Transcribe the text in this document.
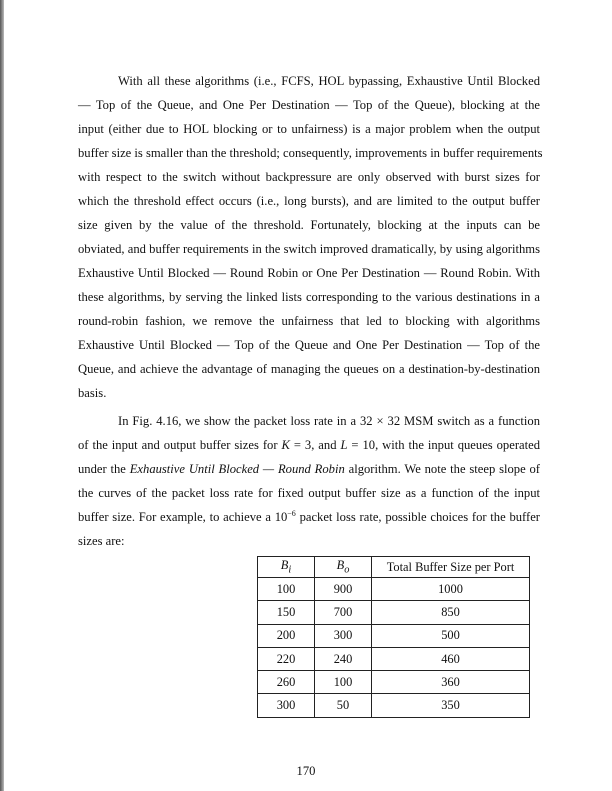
With all these algorithms (i.e., FCFS, HOL bypassing, Exhaustive Until Blocked
— Top of the Queue, and One Per Destination — Top of the Queue), blocking at the
input (either due to HOL blocking or to unfairness) is a major problem when the output
buffer size is smaller than the threshold; consequently, improvements in buffer requirements
with respect to the switch without backpressure are only observed with burst sizes for
which the threshold effect occurs (i.e., long bursts), and are limited to the output buffer
size given by the value of the threshold. Fortunately, blocking at the inputs can be
obviated, and buffer requirements in the switch improved dramatically, by using algorithms
Exhaustive Until Blocked — Round Robin or One Per Destination — Round Robin. With
these algorithms, by serving the linked lists corresponding to the various destinations in a
round-robin fashion, we remove the unfairness that led to blocking with algorithms
Exhaustive Until Blocked — Top of the Queue and One Per Destination — Top of the
Queue, and achieve the advantage of managing the queues on a destination-by-destination
basis.
In Fig. 4.16, we show the packet loss rate in a 32 × 32 MSM switch as a function
of the input and output buffer sizes for K = 3, and L = 10, with the input queues operated
under the Exhaustive Until Blocked — Round Robin algorithm. We note the steep slope of
the curves of the packet loss rate for fixed output buffer size as a function of the input
buffer size. For example, to achieve a $10^{-6}$ packet loss rate, possible choices for the buffer
sizes are:
$B_i$	$B_o$	Total Buffer Size per Port
100	900	1000
150	700	850
200	300	500
220	240	460
260	100	360
300	50	350
170
